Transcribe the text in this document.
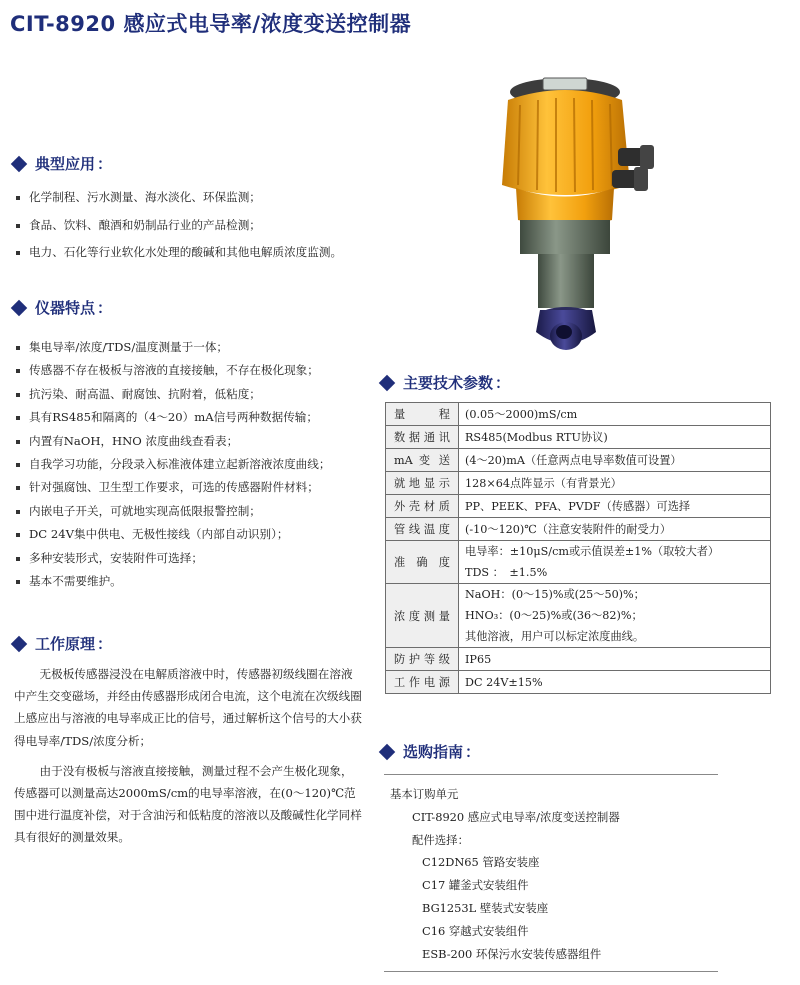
CIT-8920 感应式电导率/浓度变送控制器
典型应用 ：
化学制程、污水测量、海水淡化、环保监测；
食品、饮料、酿酒和奶制品行业的产品检测；
电力、石化等行业软化水处理的酸碱和其他电解质浓度监测。
仪器特点 ：
集电导率/浓度/TDS/温度测量于一体；
传感器不存在极板与溶液的直接接触，不存在极化现象；
抗污染、耐高温、耐腐蚀、抗附着，低粘度；
具有RS485和隔离的（4～20）mA信号两种数据传输；
内置有NaOH，HNO 浓度曲线查看表；
自我学习功能，分段录入标准液体建立起新溶液浓度曲线；
针对强腐蚀、卫生型工作要求，可选的传感器附件材料；
内嵌电子开关，可就地实现高低限报警控制；
DC 24V集中供电、无极性接线（内部自动识别）；
多种安装形式，安装附件可选择；
基本不需要维护。
工作原理 ：

无极板传感器浸没在电解质溶液中时，传感器初级线圈在溶液中产生交变磁场，并经由传感器形成闭合电流，这个电流在次级线圈上感应出与溶液的电导率成正比的信号，通过解析这个信号的大小获得电导率/TDS/浓度分析；

由于没有极板与溶液直接接触，测量过程不会产生极化现象，传感器可以测量高达2000mS/cm的电导率溶液，在(0～120)℃范围中进行温度补偿，对于含油污和低粘度的溶液以及酸碱性化学同样具有很好的测量效果。

主要技术参数 ：
量　程	(0.05～2000)mS/cm
数据通讯	RS485(Modbus RTU协议)
mA 变 送	(4～20)mA（任意两点电导率数值可设置）
就地显示	128×64点阵显示（有背景光）
外壳材质	PP、PEEK、PFA、PVDF（传感器）可选择
管线温度	(-10～120)℃（注意安装附件的耐受力）
准 确 度	电导率：±10μS/cm或示值误差±1%（取较大者）
TDS ：　±1.5%

浓度测量	NaOH：(0～15)%或(25～50)%；
HNO₃：(0～25)%或(36～82)%；
其他溶液，用户可以标定浓度曲线。

防护等级	IP65
工作电源	DC 24V±15%
选购指南 ：
基本订购单元
CIT-8920 感应式电导率/浓度变送控制器
配件选择：
C12DN65 管路安装座
C17 罐釜式安装组件
BG1253L 壁装式安装座
C16 穿越式安装组件
ESB-200 环保污水安装传感器组件
